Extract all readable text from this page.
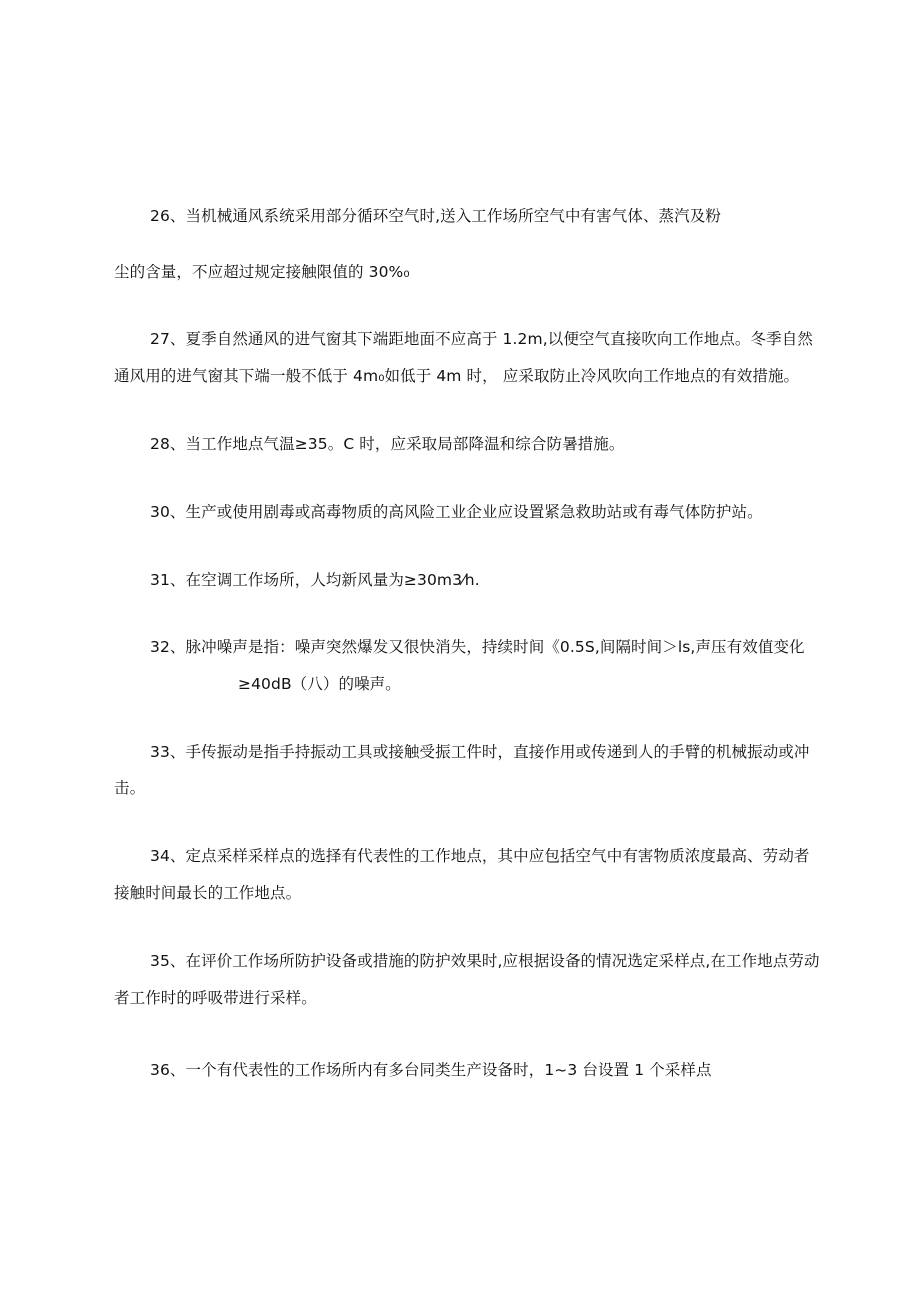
26、当机械通风系统采用部分循环空气时,送入工作场所空气中有害气体、蒸汽及粉
尘的含量，不应超过规定接触限值的 30%₀
27、夏季自然通风的进气窗其下端距地面不应高于 1.2m,以便空气直接吹向工作地点。冬季自然
通风用的进气窗其下端一般不低于 4m₀如低于 4m 时， 应采取防止冷风吹向工作地点的有效措施。
28、当工作地点气温≥35。C 时，应采取局部降温和综合防暑措施。
30、生产或使用剧毒或高毒物质的高风险工业企业应设置紧急救助站或有毒气体防护站。
31、在空调工作场所，人均新风量为≥30m3⁄h.
32、脉冲噪声是指：噪声突然爆发又很快消失，持续时间《0.5S,间隔时间＞ls,声压有效值变化
≥40dB（八）的噪声。
33、手传振动是指手持振动工具或接触受振工件时，直接作用或传递到人的手臂的机械振动或冲
击。
34、定点采样采样点的选择有代表性的工作地点，其中应包括空气中有害物质浓度最高、劳动者
接触时间最长的工作地点。
35、在评价工作场所防护设备或措施的防护效果时,应根据设备的情况选定采样点,在工作地点劳动
者工作时的呼吸带进行采样。
36、一个有代表性的工作场所内有多台同类生产设备时，1~3 台设置 1 个采样点
